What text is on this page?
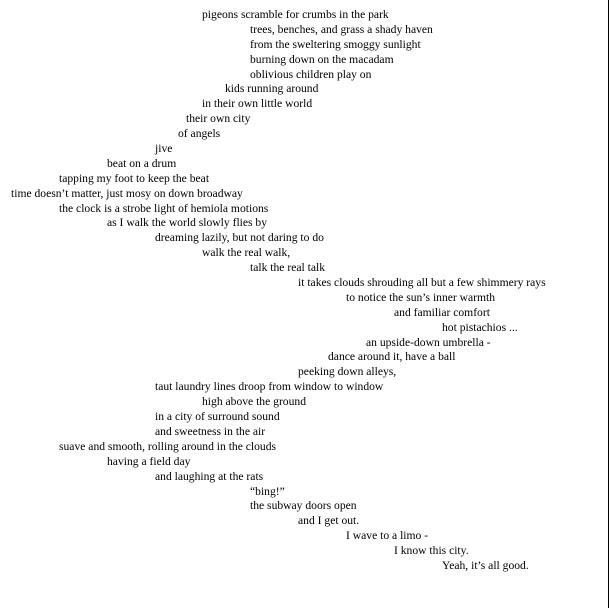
pigeons scramble for crumbs in the park
trees, benches, and grass a shady haven
from the sweltering smoggy sunlight
burning down on the macadam
oblivious children play on
kids running around
in their own little world
their own city
of angels
jive
beat on a drum
tapping my foot to keep the beat
time doesn’t matter, just mosy on down broadway
the clock is a strobe light of hemiola motions
as I walk the world slowly flies by
dreaming lazily, but not daring to do
walk the real walk,
talk the real talk
it takes clouds shrouding all but a few shimmery rays
to notice the sun’s inner warmth
and familiar comfort
hot pistachios ...
an upside-down umbrella -
dance around it, have a ball
peeking down alleys,
taut laundry lines droop from window to window
high above the ground
in a city of surround sound
and sweetness in the air
suave and smooth, rolling around in the clouds
having a field day
and laughing at the rats
“bing!”
the subway doors open
and I get out.
I wave to a limo -
I know this city.
Yeah, it’s all good.
